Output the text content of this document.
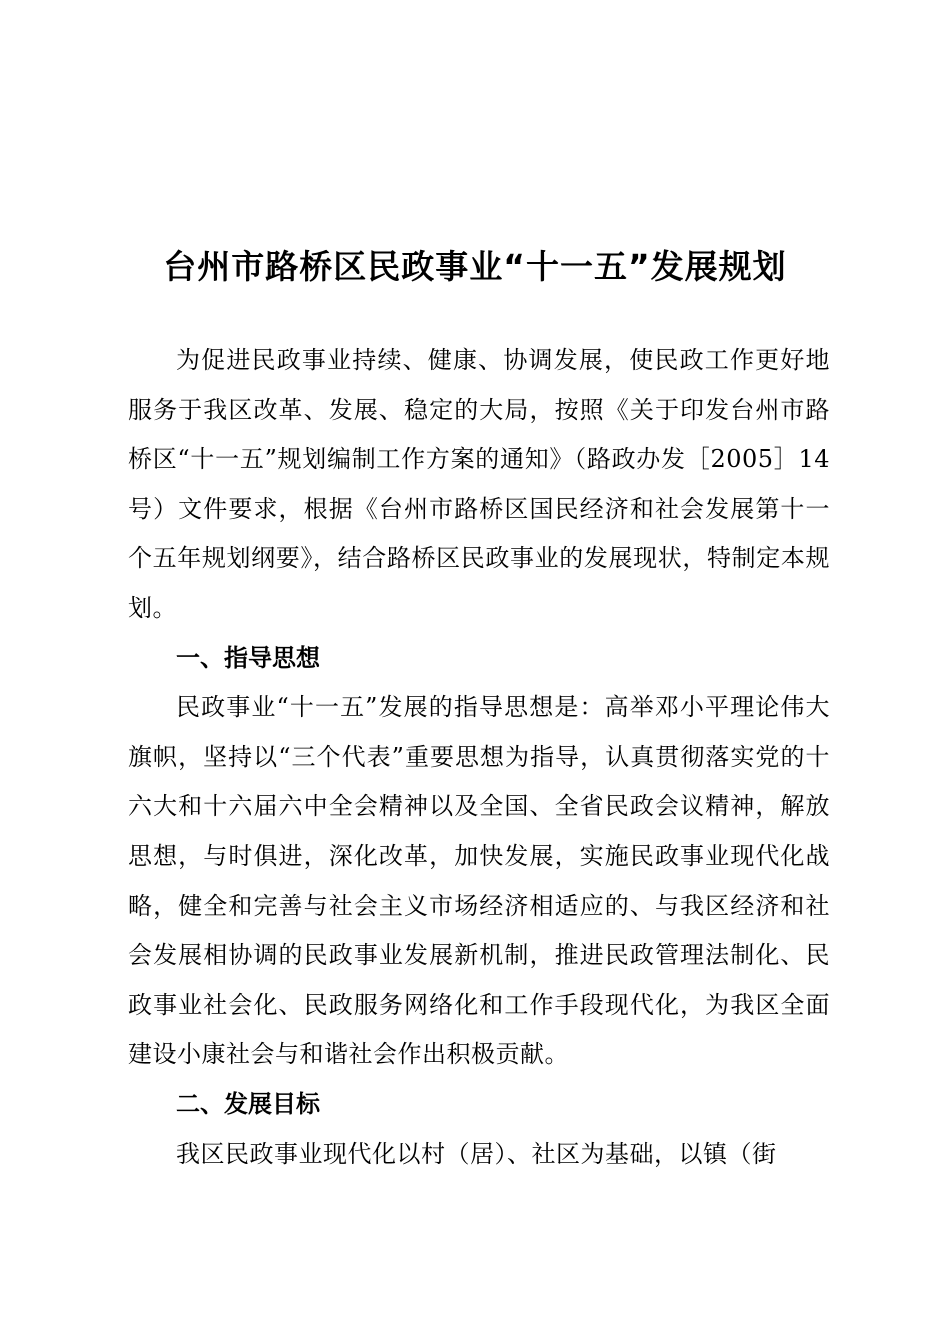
台州市路桥区民政事业“十一五”发展规划

为促进民政事业持续、健康、协调发展，使民政工作更好地服务于我区改革、发展、稳定的大局，按照《关于印发台州市路桥区“十一五”规划编制工作方案的通知》（路政办发［2005］14号）文件要求，根据《台州市路桥区国民经济和社会发展第十一个五年规划纲要》，结合路桥区民政事业的发展现状，特制定本规划。

一、指导思想

民政事业“十一五”发展的指导思想是：高举邓小平理论伟大旗帜，坚持以“三个代表”重要思想为指导，认真贯彻落实党的十六大和十六届六中全会精神以及全国、全省民政会议精神，解放思想，与时俱进，深化改革，加快发展，实施民政事业现代化战略，健全和完善与社会主义市场经济相适应的、与我区经济和社会发展相协调的民政事业发展新机制，推进民政管理法制化、民政事业社会化、民政服务网络化和工作手段现代化，为我区全面建设小康社会与和谐社会作出积极贡献。

二、发展目标

我区民政事业现代化以村（居）、社区为基础，以镇（街
